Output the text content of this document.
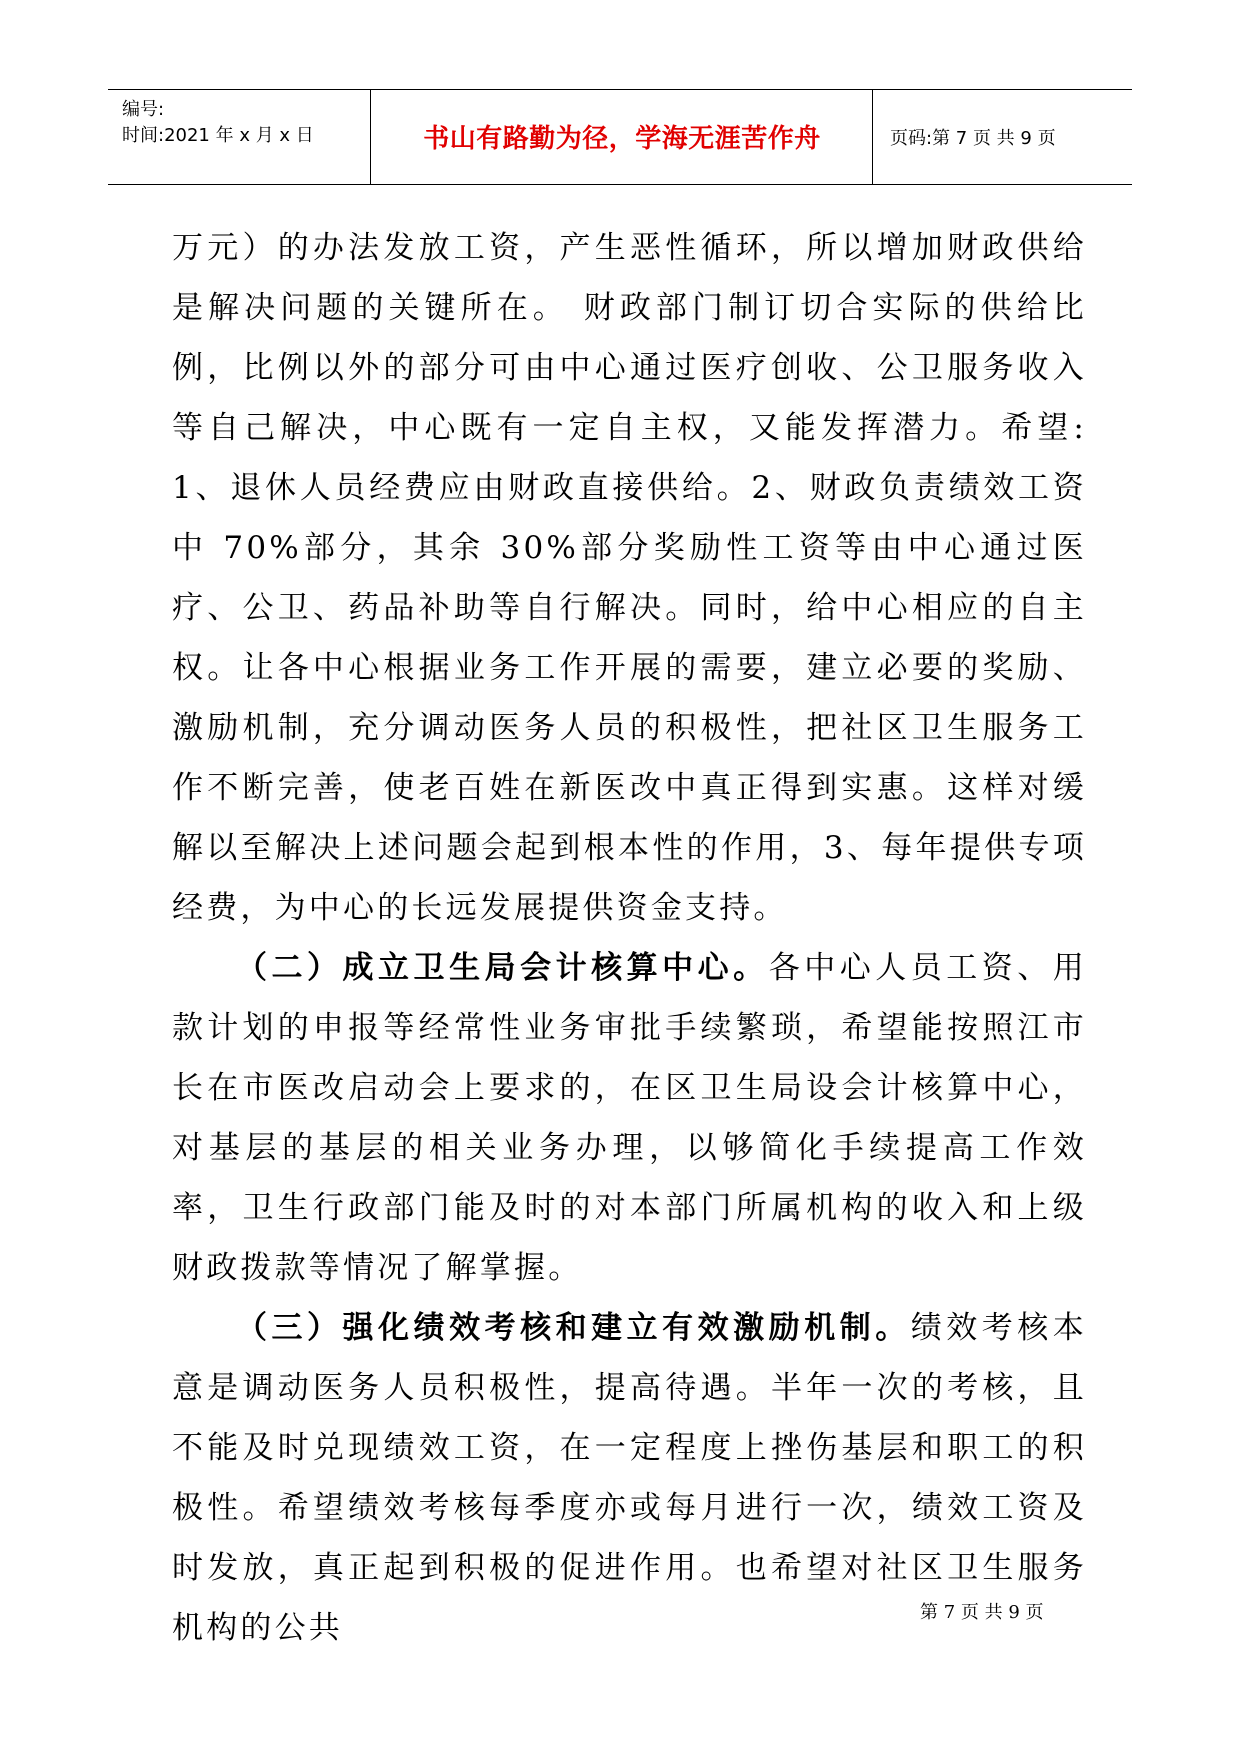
编号:
时间:2021 年 x 月 x 日	书山有路勤为径，学海无涯苦作舟	页码:第 7 页 共 9 页

万元）的办法发放工资，产生恶性循环，所以增加财政供给是解决问题的关键所在。 财政部门制订切合实际的供给比例，比例以外的部分可由中心通过医疗创收、公卫服务收入等自己解决，中心既有一定自主权，又能发挥潜力。希望: 1、退休人员经费应由财政直接供给。2、财政负责绩效工资中 70%部分，其余 30%部分奖励性工资等由中心通过医疗、公卫、药品补助等自行解决。同时，给中心相应的自主权。让各中心根据业务工作开展的需要，建立必要的奖励、激励机制，充分调动医务人员的积极性，把社区卫生服务工作不断完善，使老百姓在新医改中真正得到实惠。这样对缓解以至解决上述问题会起到根本性的作用，3、每年提供专项经费，为中心的长远发展提供资金支持。

（二）成立卫生局会计核算中心。各中心人员工资、用款计划的申报等经常性业务审批手续繁琐，希望能按照江市长在市医改启动会上要求的，在区卫生局设会计核算中心，对基层的基层的相关业务办理，以够简化手续提高工作效率，卫生行政部门能及时的对本部门所属机构的收入和上级财政拨款等情况了解掌握。

（三）强化绩效考核和建立有效激励机制。绩效考核本意是调动医务人员积极性，提高待遇。半年一次的考核，且不能及时兑现绩效工资，在一定程度上挫伤基层和职工的积极性。希望绩效考核每季度亦或每月进行一次，绩效工资及时发放，真正起到积极的促进作用。也希望对社区卫生服务机构的公共	第 7 页 共 9 页
